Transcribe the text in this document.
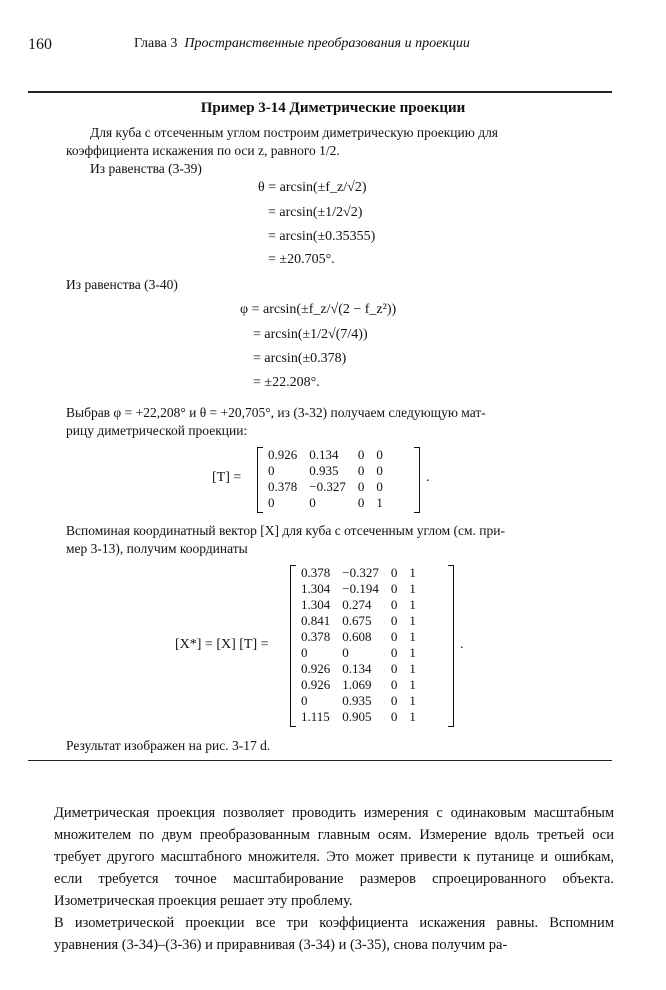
160	Глава 3 Пространственные преобразования и проекции
Пример 3-14 Диметрические проекции
Для куба с отсеченным углом построим диметрическую проекцию для
коэффициента искажения по оси z, равного 1/2.
Из равенства (3-39)
θ = arcsin(±f_z/√2)
= arcsin(±1/2√2)
= arcsin(±0.35355)
= ±20.705°.
Из равенства (3-40)
φ = arcsin(±f_z/√(2 − f_z²))
= arcsin(±1/2√(7/4))
= arcsin(±0.378)
= ±22.208°.
Выбрав φ = +22,208° и θ = +20,705°, из (3-32) получаем следующую мат-
рицу диметрической проекции:
[T] =
0.926	0.134	0	0
0	0.935	0	0
0.378	−0.327	0	0
0	0	0	1
.
Вспоминая координатный вектор [X] для куба с отсеченным углом (см. при-
мер 3-13), получим координаты
[X*] = [X] [T] =
0.378	−0.327	0	1
1.304	−0.194	0	1
1.304	0.274	0	1
0.841	0.675	0	1
0.378	0.608	0	1
0	0	0	1
0.926	0.134	0	1
0.926	1.069	0	1
0	0.935	0	1
1.115	0.905	0	1
.
Результат изображен на рис. 3-17 d.
Диметрическая проекция позволяет проводить измерения с одинаковым масштабным множителем по двум преобразованным главным осям. Измерение вдоль третьей оси требует другого масштабного множителя. Это может привести к путанице и ошибкам, если требуется точное масштабирование размеров спроецированного объекта. Изометрическая проекция решает эту проблему.
В изометрической проекции все три коэффициента искажения равны. Вспомним уравнения (3-34)–(3-36) и приравнивая (3-34) и (3-35), снова получим ра-
